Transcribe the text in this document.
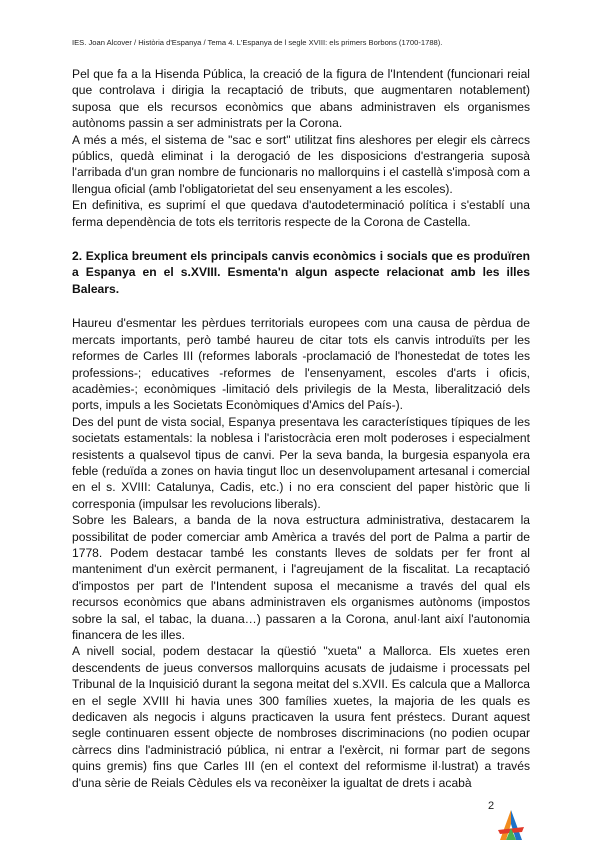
IES. Joan Alcover / Història d'Espanya / Tema 4. L'Espanya de l segle XVIII: els primers Borbons (1700-1788).

Pel que fa a la Hisenda Pública, la creació de la figura de l'Intendent (funcionari reial que controlava i dirigia la recaptació de tributs, que augmentaren notablement) suposa que els recursos econòmics que abans administraven els organismes autònoms passin a ser administrats per la Corona.

A més a més, el sistema de "sac e sort" utilitzat fins aleshores per elegir els càrrecs públics, quedà eliminat i la derogació de les disposicions d'estrangeria suposà l'arribada d'un gran nombre de funcionaris no mallorquins i el castellà s'imposà com a llengua oficial (amb l'obligatorietat del seu ensenyament a les escoles).

En definitiva, es suprimí el que quedava d'autodeterminació política i s'establí una ferma dependència de tots els territoris respecte de la Corona de Castella.

2. Explica breument els principals canvis econòmics i socials que es produïren a Espanya en el s.XVIII. Esmenta'n algun aspecte relacionat amb les illes Balears.

Haureu d'esmentar les pèrdues territorials europees com una causa de pèrdua de mercats importants, però també haureu de citar tots els canvis introduïts per les reformes de Carles III (reformes laborals -proclamació de l'honestedat de totes les professions-; educatives -reformes de l'ensenyament, escoles d'arts i oficis, acadèmies-; econòmiques -limitació dels privilegis de la Mesta, liberalització dels ports, impuls a les Societats Econòmiques d'Amics del País-).

Des del punt de vista social, Espanya presentava les característiques típiques de les societats estamentals: la noblesa i l'aristocràcia eren molt poderoses i especialment resistents a qualsevol tipus de canvi. Per la seva banda, la burgesia espanyola era feble (reduïda a zones on havia tingut lloc un desenvolupament artesanal i comercial en el s. XVIII: Catalunya, Cadis, etc.) i no era conscient del paper històric que li corresponia (impulsar les revolucions liberals).

Sobre les Balears, a banda de la nova estructura administrativa, destacarem la possibilitat de poder comerciar amb Amèrica a través del port de Palma a partir de 1778. Podem destacar també les constants lleves de soldats per fer front al manteniment d'un exèrcit permanent, i l'agreujament de la fiscalitat. La recaptació d'impostos per part de l'Intendent suposa el mecanisme a través del qual els recursos econòmics que abans administraven els organismes autònoms (impostos sobre la sal, el tabac, la duana…) passaren a la Corona, anul·lant així l'autonomia financera de les illes.

A nivell social, podem destacar la qüestió "xueta" a Mallorca. Els xuetes eren descendents de jueus conversos mallorquins acusats de judaisme i processats pel Tribunal de la Inquisició durant la segona meitat del s.XVII. Es calcula que a Mallorca en el segle XVIII hi havia unes 300 famílies xuetes, la majoria de les quals es dedicaven als negocis i alguns practicaven la usura fent préstecs. Durant aquest segle continuaren essent objecte de nombroses discriminacions (no podien ocupar càrrecs dins l'administració pública, ni entrar a l'exèrcit, ni formar part de segons quins gremis) fins que Carles III (en el context del reformisme il·lustrat) a través d'una sèrie de Reials Cèdules els va reconèixer la igualtat de drets i acabà

2
